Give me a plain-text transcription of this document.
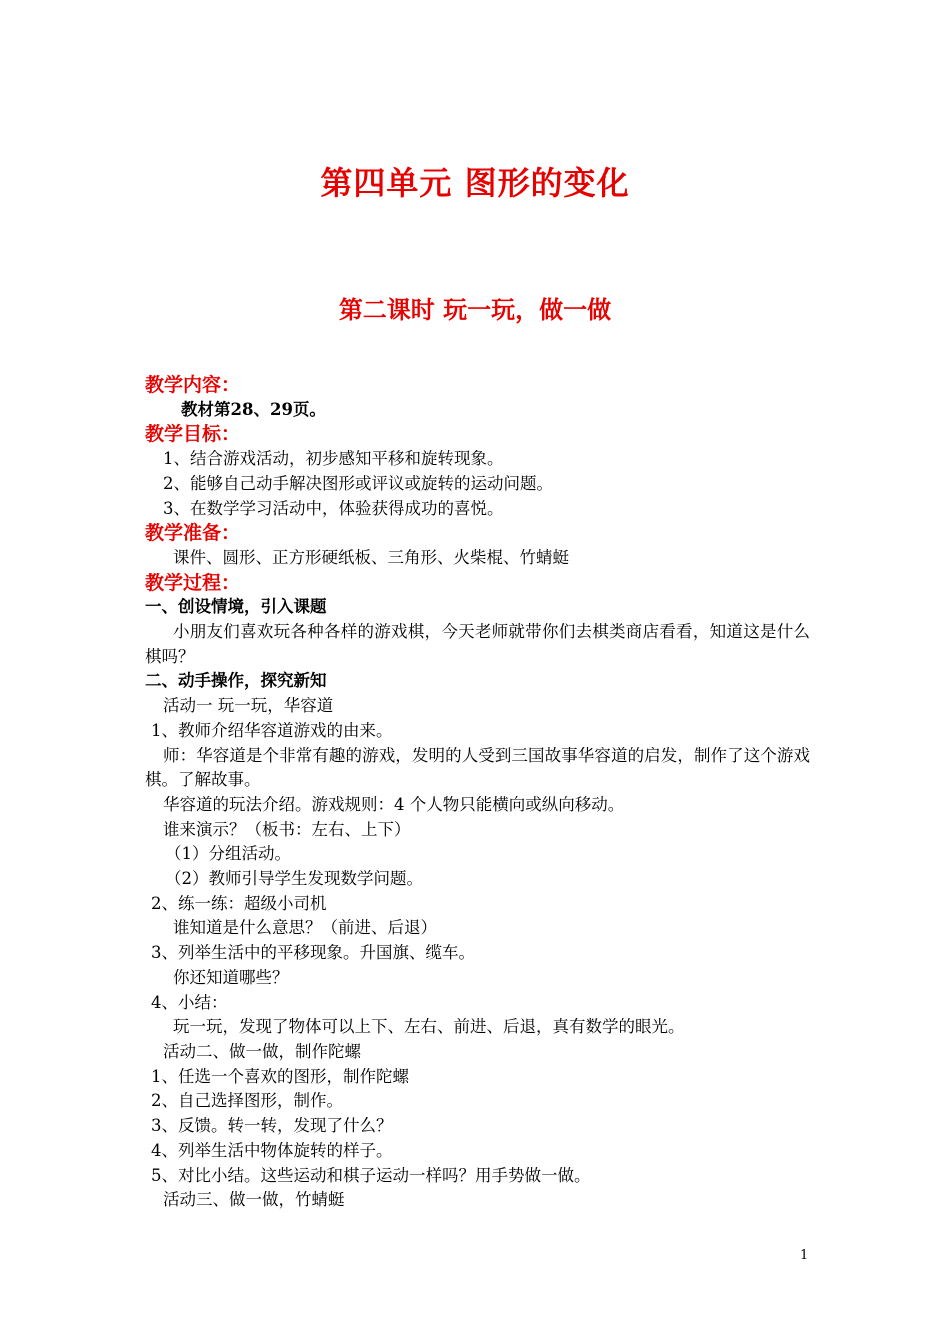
第四单元 图形的变化
第二课时 玩一玩，做一做
教学内容：
教材第28、29页。
教学目标：
1、结合游戏活动，初步感知平移和旋转现象。
2、能够自己动手解决图形或评议或旋转的运动问题。
3、在数学学习活动中，体验获得成功的喜悦。
教学准备：
课件、圆形、正方形硬纸板、三角形、火柴棍、竹蜻蜓
教学过程：
一、创设情境，引入课题
小朋友们喜欢玩各种各样的游戏棋，今天老师就带你们去棋类商店看看，知道这是什么棋吗？
二、动手操作，探究新知
活动一 玩一玩，华容道
1、教师介绍华容道游戏的由来。
师：华容道是个非常有趣的游戏，发明的人受到三国故事华容道的启发，制作了这个游戏棋。了解故事。
华容道的玩法介绍。游戏规则：4 个人物只能横向或纵向移动。
谁来演示？（板书：左右、上下）
（1）分组活动。
（2）教师引导学生发现数学问题。
2、练一练：超级小司机
谁知道是什么意思？（前进、后退）
3、列举生活中的平移现象。升国旗、缆车。
你还知道哪些？
4、小结：
玩一玩，发现了物体可以上下、左右、前进、后退，真有数学的眼光。
活动二、做一做，制作陀螺
1、任选一个喜欢的图形，制作陀螺
2、自己选择图形，制作。
3、反馈。转一转，发现了什么？
4、列举生活中物体旋转的样子。
5、对比小结。这些运动和棋子运动一样吗？用手势做一做。
活动三、做一做，竹蜻蜓
1
